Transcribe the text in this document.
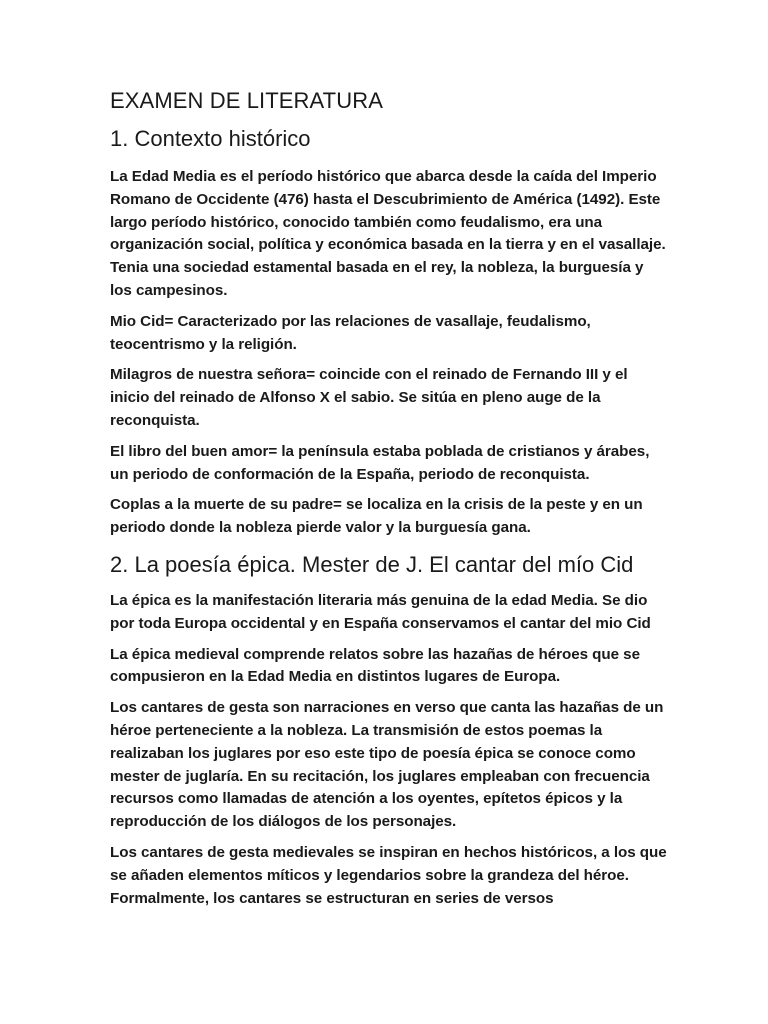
EXAMEN DE LITERATURA
1. Contexto histórico

La Edad Media es el período histórico que abarca desde la caída del Imperio Romano de Occidente (476) hasta el Descubrimiento de América (1492). Este largo período histórico, conocido también como feudalismo, era una organización social, política y económica basada en la tierra y en el vasallaje. Tenia una sociedad estamental basada en el rey, la nobleza, la burguesía y los campesinos.

Mio Cid= Caracterizado por las relaciones de vasallaje, feudalismo, teocentrismo y la religión.

Milagros de nuestra señora= coincide con el reinado de Fernando III y el inicio del reinado de Alfonso X el sabio. Se sitúa en pleno auge de la reconquista.

El libro del buen amor= la península estaba poblada de cristianos y árabes, un periodo de conformación de la España, periodo de reconquista.

Coplas a la muerte de su padre= se localiza en la crisis de la peste y en un periodo donde la nobleza pierde valor y la burguesía gana.

2. La poesía épica. Mester de J. El cantar del mío Cid

La épica es la manifestación literaria más genuina de la edad Media. Se dio por toda Europa occidental y en España conservamos el cantar del mio Cid

La épica medieval comprende relatos sobre las hazañas de héroes que se compusieron en la Edad Media en distintos lugares de Europa.

Los cantares de gesta son narraciones en verso que canta las hazañas de un héroe perteneciente a la nobleza. La transmisión de estos poemas la realizaban los juglares por eso este tipo de poesía épica se conoce como mester de juglaría. En su recitación, los juglares empleaban con frecuencia recursos como llamadas de atención a los oyentes, epítetos épicos y la reproducción de los diálogos de los personajes.

Los cantares de gesta medievales se inspiran en hechos históricos, a los que se añaden elementos míticos y legendarios sobre la grandeza del héroe. Formalmente, los cantares se estructuran en series de versos
